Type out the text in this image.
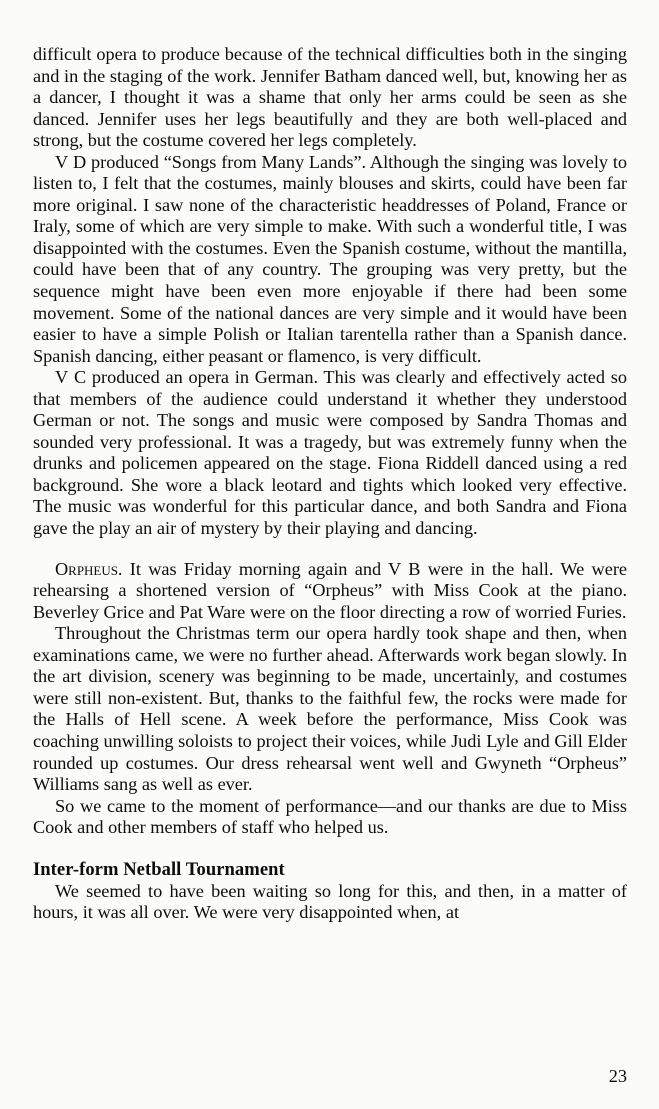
difficult opera to produce because of the technical difficulties both in the singing and in the staging of the work. Jennifer Batham danced well, but, knowing her as a dancer, I thought it was a shame that only her arms could be seen as she danced. Jennifer uses her legs beautifully and they are both well-placed and strong, but the costume covered her legs completely.

V D produced “Songs from Many Lands”. Although the singing was lovely to listen to, I felt that the costumes, mainly blouses and skirts, could have been far more original. I saw none of the characteristic headdresses of Poland, France or Iraly, some of which are very simple to make. With such a wonderful title, I was disappointed with the costumes. Even the Spanish costume, without the mantilla, could have been that of any country. The grouping was very pretty, but the sequence might have been even more enjoyable if there had been some movement. Some of the national dances are very simple and it would have been easier to have a simple Polish or Italian tarentella rather than a Spanish dance. Spanish dancing, either peasant or flamenco, is very difficult.

V C produced an opera in German. This was clearly and effectively acted so that members of the audience could understand it whether they understood German or not. The songs and music were composed by Sandra Thomas and sounded very professional. It was a tragedy, but was extremely funny when the drunks and policemen appeared on the stage. Fiona Riddell danced using a red background. She wore a black leotard and tights which looked very effective. The music was wonderful for this particular dance, and both Sandra and Fiona gave the play an air of mystery by their playing and dancing.

Orpheus. It was Friday morning again and V B were in the hall. We were rehearsing a shortened version of “Orpheus” with Miss Cook at the piano. Beverley Grice and Pat Ware were on the floor directing a row of worried Furies.

Throughout the Christmas term our opera hardly took shape and then, when examinations came, we were no further ahead. Afterwards work began slowly. In the art division, scenery was beginning to be made, uncertainly, and costumes were still non-existent. But, thanks to the faithful few, the rocks were made for the Halls of Hell scene. A week before the performance, Miss Cook was coaching unwilling soloists to project their voices, while Judi Lyle and Gill Elder rounded up costumes. Our dress rehearsal went well and Gwyneth “Orpheus” Williams sang as well as ever.

So we came to the moment of performance—and our thanks are due to Miss Cook and other members of staff who helped us.

Inter-form Netball Tournament

We seemed to have been waiting so long for this, and then, in a matter of hours, it was all over. We were very disappointed when, at

23
